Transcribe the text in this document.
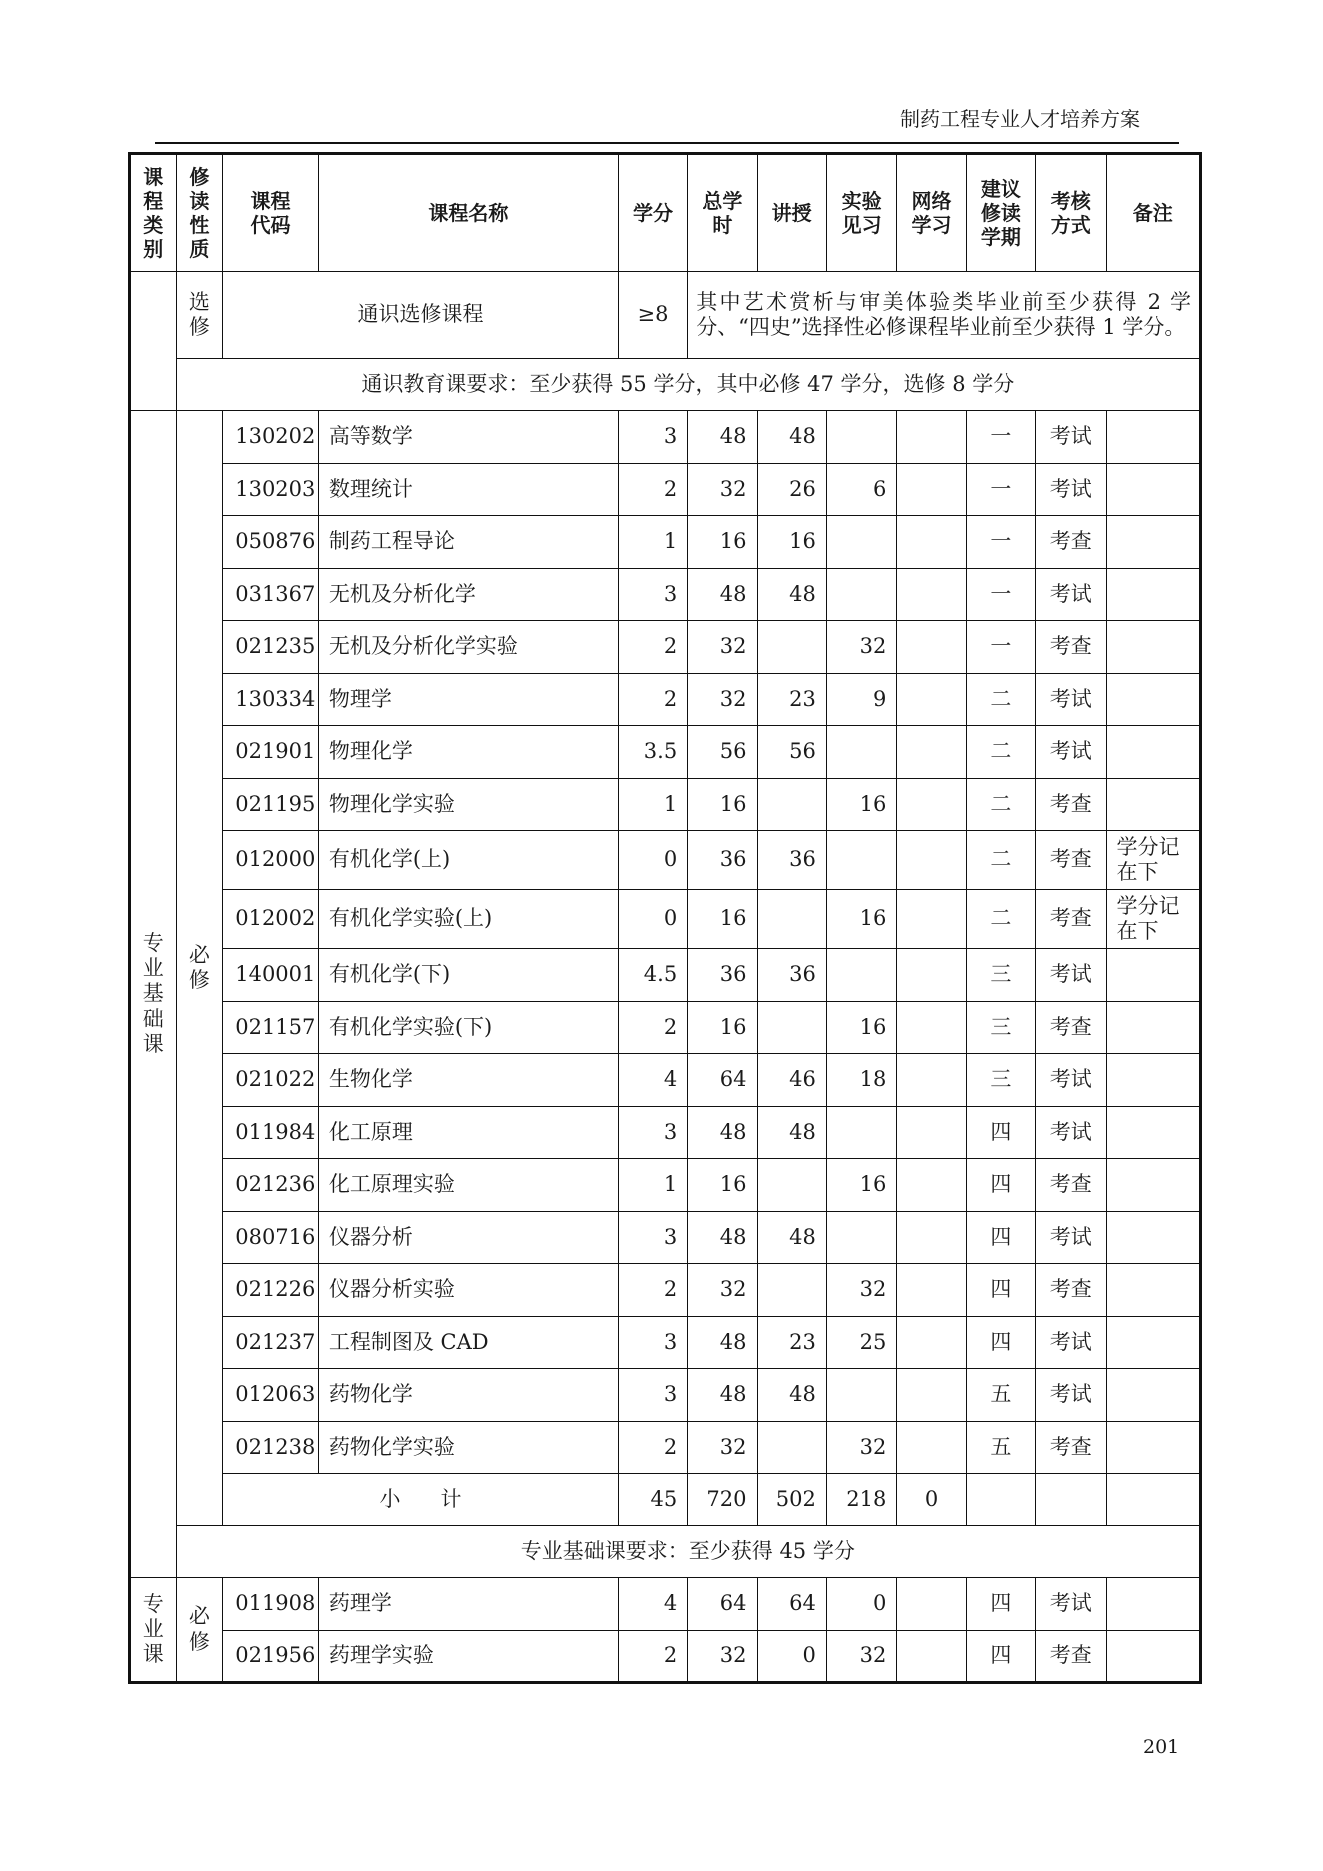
制药工程专业人才培养方案
课程类别	修读性质	课程代码	课程名称	学分	总学时	讲授	实验见习	网络学习	建议修读学期	考核方式	备注
	选修	通识选修课程		≥8	其中艺术赏析与审美体验类毕业前至少获得 2 学分、“四史”选择性必修课程毕业前至少获得 1 学分。						
	通识教育课要求：至少获得 55 学分，其中必修 47 学分，选修 8 学分										
专业基础课	必修	130202	高等数学	3	48	48			一	考试	
		130203	数理统计	2	32	26	6		一	考试	
		050876	制药工程导论	1	16	16			一	考查	
		031367	无机及分析化学	3	48	48			一	考试	
		021235	无机及分析化学实验	2	32		32		一	考查	
		130334	物理学	2	32	23	9		二	考试	
		021901	物理化学	3.5	56	56			二	考试	
		021195	物理化学实验	1	16		16		二	考查	
		012000	有机化学(上)	0	36	36			二	考查	学分记在下
		012002	有机化学实验(上)	0	16		16		二	考查	学分记在下
		140001	有机化学(下)	4.5	36	36			三	考试	
		021157	有机化学实验(下)	2	16		16		三	考查	
		021022	生物化学	4	64	46	18		三	考试	
		011984	化工原理	3	48	48			四	考试	
		021236	化工原理实验	1	16		16		四	考查	
		080716	仪器分析	3	48	48			四	考试	
		021226	仪器分析实验	2	32		32		四	考查	
		021237	工程制图及 CAD	3	48	23	25		四	考试	
		012063	药物化学	3	48	48			五	考试	
		021238	药物化学实验	2	32		32		五	考查	
		小计		45	720	502	218	0			
	专业基础课要求：至少获得 45 学分										
专业课	必修	011908	药理学	4	64	64	0		四	考试	
		021956	药理学实验	2	32	0	32		四	考查	
201
